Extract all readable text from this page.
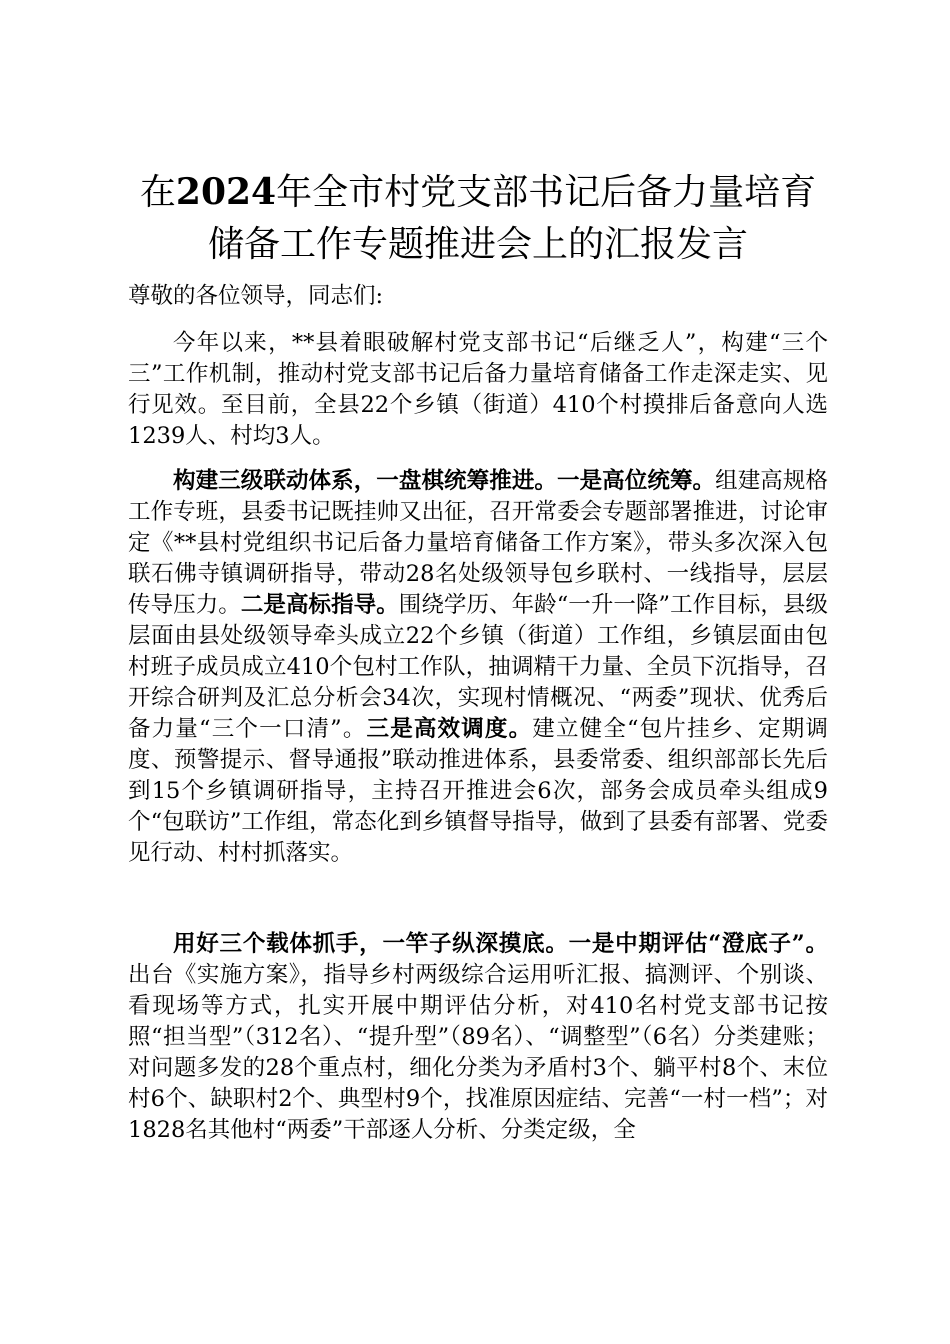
在2024年全市村党支部书记后备力量培育储备工作专题推进会上的汇报发言
尊敬的各位领导，同志们:

今年以来，**县着眼破解村党支部书记“后继乏人”，构建“三个三”工作机制，推动村党支部书记后备力量培育储备工作走深走实、见行见效。至目前，全县22个乡镇（街道）410个村摸排后备意向人选1239人、村均3人。

构建三级联动体系，一盘棋统筹推进。一是高位统筹。组建高规格工作专班，县委书记既挂帅又出征，召开常委会专题部署推进，讨论审定《**县村党组织书记后备力量培育储备工作方案》，带头多次深入包联石佛寺镇调研指导，带动28名处级领导包乡联村、一线指导，层层传导压力。二是高标指导。围绕学历、年龄“一升一降”工作目标，县级层面由县处级领导牵头成立22个乡镇（街道）工作组，乡镇层面由包村班子成员成立410个包村工作队，抽调精干力量、全员下沉指导，召开综合研判及汇总分析会34次，实现村情概况、“两委”现状、优秀后备力量“三个一口清”。三是高效调度。建立健全“包片挂乡、定期调度、预警提示、督导通报”联动推进体系，县委常委、组织部部长先后到15个乡镇调研指导，主持召开推进会6次，部务会成员牵头组成9个“包联访”工作组，常态化到乡镇督导指导，做到了县委有部署、党委见行动、村村抓落实。

用好三个载体抓手，一竿子纵深摸底。一是中期评估“澄底子”。出台《实施方案》，指导乡村两级综合运用听汇报、搞测评、个别谈、看现场等方式，扎实开展中期评估分析，对410名村党支部书记按照“担当型”（312名）、“提升型”（89名）、“调整型”（6名）分类建账；对问题多发的28个重点村，细化分类为矛盾村3个、躺平村8个、末位村6个、缺职村2个、典型村9个，找准原因症结、完善“一村一档”；对1828名其他村“两委”干部逐人分析、分类定级，全
